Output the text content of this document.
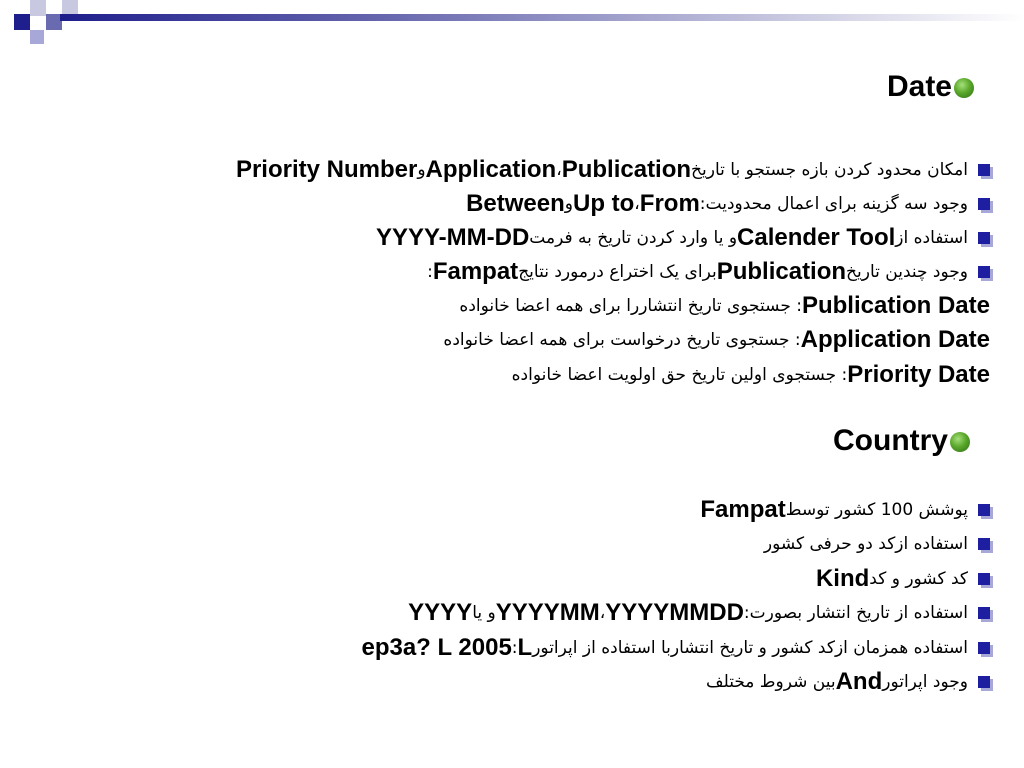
Date
امکان محدود کردن بازه جستجو با تاریخ
Publication
،
Application
و
Priority Number
وجود سه گزینه برای اعمال محدودیت:
From
،
Up to
و
Between
استفاده از
Calender Tool
و یا وارد کردن تاریخ به فرمت
YYYY-MM-DD
وجود چندین تاریخ
Publication
برای یک اختراع درمورد نتایج
Fampat
:
Publication Date
: جستجوی تاریخ انتشاررا برای همه اعضا خانواده
Application Date
: جستجوی تاریخ درخواست برای همه اعضا خانواده
Priority Date
: جستجوی اولین تاریخ حق اولویت اعضا خانواده
Country
پوشش 100 کشور توسط
Fampat
استفاده ازکد دو حرفی کشور
کد کشور و کد
Kind
استفاده از تاریخ انتشار بصورت:
YYYYMMDD
،
YYYYMM
و یا
YYYY
استفاده همزمان ازکد کشور و تاریخ انتشاربا استفاده از اپراتور
L
:
ep3a? L 2005
وجود اپراتور
And
بین شروط مختلف
